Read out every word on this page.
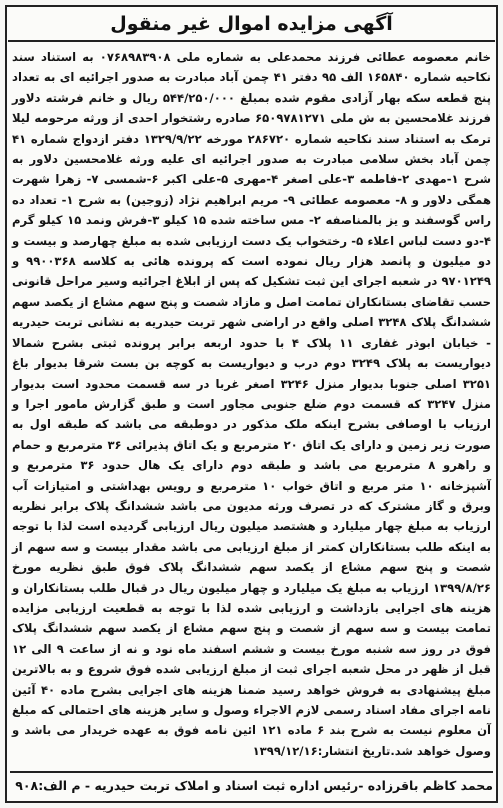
آگهی مزایده اموال غیر منقول
خانم معصومه عطائی فرزند محمدعلی به شماره ملی ۰۷۶۸۹۸۳۹۰۸ به استناد سند نکاحیه شماره ۱۶۵۸۴۰ الف ۹۵ دفتر ۴۱ چمن آباد مبادرت به صدور اجرائیه ای به تعداد پنج قطعه سکه بهار آزادی مقوم شده بمبلغ ۵۴۴/۲۵۰/۰۰۰ ریال و خانم فرشته دلاور فرزند غلامحسین به ش ملی ۶۵۰۹۷۸۱۲۷۱ صادره رشتخوار احدی از ورثه مرحومه لیلا ترمک به استناد سند نکاحیه شماره ۲۸۶۷۲۰ مورخه ۱۳۲۹/۹/۲۲ دفتر ازدواج شماره ۴۱ چمن آباد بخش سلامی مبادرت به صدور اجرائیه ای علیه ورثه غلامحسین دلاور به شرح ۱-مهدی ۲-فاطمه ۳-علی اصغر ۴-مهری ۵-علی اکبر ۶-شمسی ۷- زهرا شهرت همگی دلاور و ۸- معصومه عطائی ۹- مریم ابراهیم نژاد (زوجین) به شرح ۱- تعداد ده راس گوسفند و یز بالمناصفه ۲- مس ساخته شده ۱۵ کیلو ۳-فرش ونمد ۱۵ کیلو گرم ۴-دو دست لباس اعلاء ۵- رختخواب یک دست ارزیابی شده به مبلغ چهارصد و بیست و دو میلیون و پانصد هزار ریال نموده است که پرونده هائی به کلاسه ۹۹۰۰۳۶۸ و ۹۷۰۱۲۴۹ در شعبه اجرای این ثبت تشکیل که پس از ابلاغ اجرائیه وسیر مراحل قانونی حسب تقاضای بستانکاران تمامت اصل و مازاد شصت و پنج سهم مشاع از یکصد سهم ششدانگ پلاک ۳۲۴۸ اصلی واقع در اراضی شهر تربت حیدریه به نشانی تربت حیدریه - خیابان ابوذر غفاری ۱۱ پلاک ۴ با حدود اربعه برابر پرونده ثبتی بشرح شمالا دیواریست به پلاک ۳۲۴۹ دوم درب و دیواریست به کوچه بن بست شرقا بدیوار باغ ۳۲۵۱ اصلی جنوبا بدیوار منزل ۳۲۴۶ اصغر غربا در سه قسمت محدود است بدیوار منزل ۳۲۴۷ که قسمت دوم ضلع جنوبی مجاور است و طبق گزارش مامور اجرا و ارزیاب با اوصافی بشرح اینکه ملک مذکور در دوطبقه می باشد که طبقه اول به صورت زیر زمین و دارای یک اتاق ۲۰ مترمربع و یک اتاق پذیرائی ۳۶ مترمربع و حمام و راهرو ۸ مترمربع می باشد و طبقه دوم دارای یک هال حدود ۳۶ مترمربع و آشپزخانه ۱۰ متر مربع و اتاق خواب ۱۰ مترمربع و رویس بهداشتی و امتیازات آب وبرق و گاز مشترک که در تصرف ورثه مدیون می باشد ششدانگ پلاک برابر نظریه ارزیاب به مبلغ چهار میلیارد و هشتصد میلیون ریال ارزیابی گردیده است لذا با توجه به اینکه طلب بستانکاران کمتر از مبلغ ارزیابی می باشد مقدار بیست و سه سهم از شصت و پنج سهم مشاع از یکصد سهم ششدانگ پلاک فوق طبق نظریه مورخ ۱۳۹۹/۸/۲۶ ارزیاب به مبلغ یک میلیارد و چهار میلیون ریال در قبال طلب بستانکاران و هزینه های اجرایی بازداشت و ارزیابی شده لذا با توجه به قطعیت ارزیابی مزایده تمامت بیست و سه سهم از شصت و پنج سهم مشاع از یکصد سهم ششدانگ پلاک فوق در روز سه شنبه مورخ بیست و ششم اسفند ماه نود و نه از ساعت ۹ الی ۱۲ قبل از ظهر در محل شعبه اجرای ثبت از مبلغ ارزیابی شده فوق شروع و به بالاترین مبلغ پیشنهادی به فروش خواهد رسید ضمنا هزینه های اجرایی بشرح ماده ۴۰ آئین نامه اجرای مفاد اسناد رسمی لازم الاجراء وصول و سایر هزینه های احتمالی که مبلغ آن معلوم نیست به شرح بند ۶ ماده ۱۲۱ ائین نامه فوق به عهده خریدار می باشد و وصول خواهد شد.تاریخ انتشار:۱۳۹۹/۱۲/۱۶
محمد کاظم باقرزاده -رئیس اداره ثبت اسناد و املاک تربت حیدریه - م الف:۹۰۸
